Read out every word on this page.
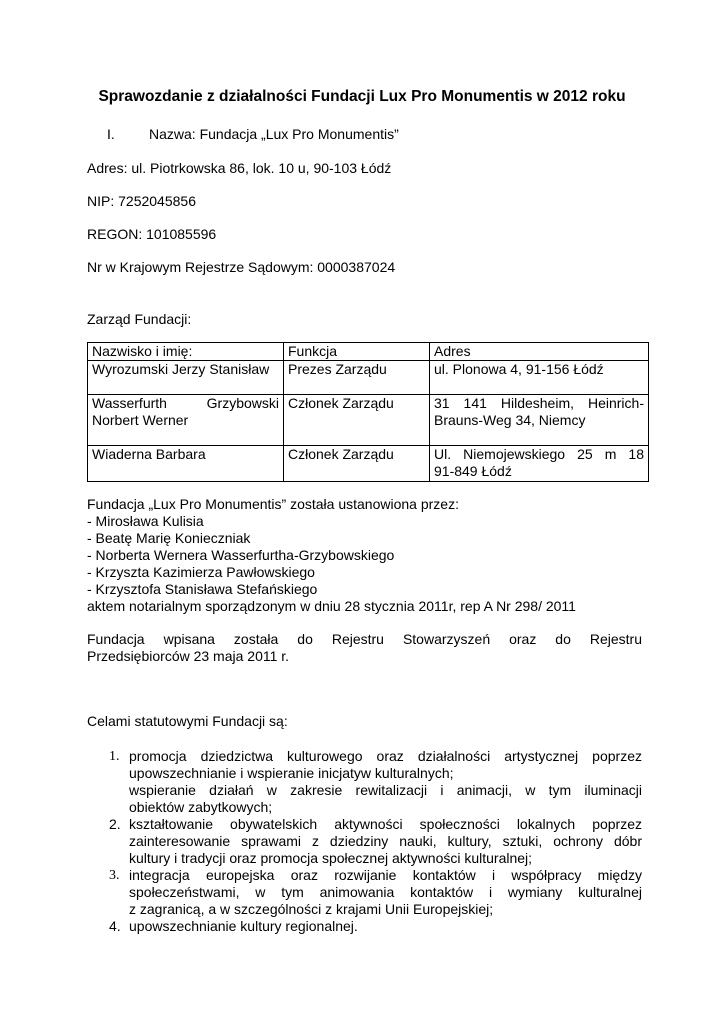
Sprawozdanie z działalności Fundacji Lux Pro Monumentis w 2012 roku
I. Nazwa: Fundacja „Lux Pro Monumentis”
Adres: ul. Piotrkowska 86, lok. 10 u, 90-103 Łódź
NIP: 7252045856
REGON: 101085596
Nr w Krajowym Rejestrze Sądowym: 0000387024
Zarząd Fundacji:
Nazwisko i imię:	Funkcja	Adres

Wyrozumski Jerzy Stanisław	Prezes Zarządu	ul. Plonowa 4, 91-156 Łódź

Wasserfurth Grzybowski
Norbert Werner	Członek Zarządu	31 141 Hildesheim, Heinrich-
Brauns-Weg 34, Niemcy

Wiaderna Barbara	Członek Zarządu	Ul. Niemojewskiego 25 m 18
91-849 Łódź
Fundacja „Lux Pro Monumentis” została ustanowiona przez:
- Mirosława Kulisia
- Beatę Marię Konieczniak
- Norberta Wernera Wasserfurtha-Grzybowskiego
- Krzyszta Kazimierza Pawłowskiego
- Krzysztofa Stanisława Stefańskiego
aktem notarialnym sporządzonym w dniu 28 stycznia 2011r, rep A Nr 298/ 2011
Fundacja wpisana została do Rejestru Stowarzyszeń oraz do Rejestru
Przedsiębiorców 23 maja 2011 r.
Celami statutowymi Fundacji są:
1. promocja dziedzictwa kulturowego oraz działalności artystycznej poprzez
upowszechnianie i wspieranie inicjatyw kulturalnych;
wspieranie działań w zakresie rewitalizacji i animacji, w tym iluminacji
obiektów zabytkowych;
2. kształtowanie obywatelskich aktywności społeczności lokalnych poprzez
zainteresowanie sprawami z dziedziny nauki, kultury, sztuki, ochrony dóbr
kultury i tradycji oraz promocja społecznej aktywności kulturalnej;
3. integracja europejska oraz rozwijanie kontaktów i współpracy między
społeczeństwami, w tym animowania kontaktów i wymiany kulturalnej
z zagranicą, a w szczególności z krajami Unii Europejskiej;
4. upowszechnianie kultury regionalnej.
